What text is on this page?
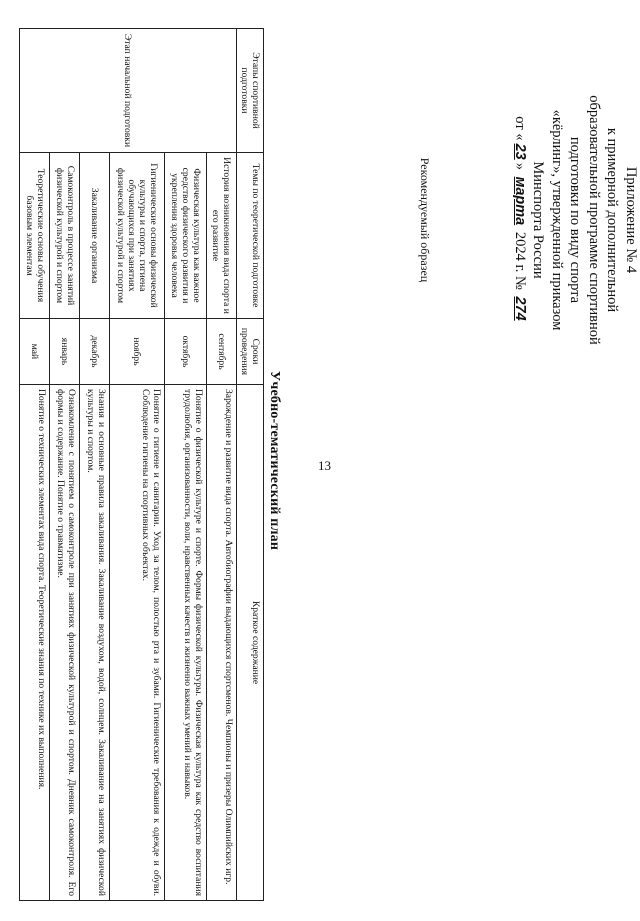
13
Приложение № 4
к примерной дополнительной
образовательной программе спортивной
подготовки по виду спорта
«кёрлинг», утвержденной приказом
Минспорта России
от «23» марта 2024 г. № 274
Рекомендуемый образец
Учебно-тематический план
Этапы спортивной подготовки	Темы по теоретической подготовке	Сроки проведения	Краткое содержание
Этап начальной подготовки	История возникновения вида спорта и его развитие	сентябрь	Зарождение и развитие вида спорта. Автобиографии выдающихся спортсменов. Чемпионы и призеры Олимпийских игр.
	Физическая культура как важное средство физического развития и укрепления здоровья человека	октябрь	Понятие о физической культуре и спорте. Формы физической культуры. Физическая культура как средство воспитания трудолюбия, организованности, воли, нравственных качеств и жизненно важных умений и навыков.
	Гигиенические основы физической культуры и спорта, гигиена обучающихся при занятиях физической культурой и спортом	ноябрь	Понятие о гигиене и санитарии. Уход за телом, полостью рта и зубами. Гигиенические требования к одежде и обуви. Соблюдение гигиены на спортивных объектах.
	Закаливание организма	декабрь	Знания и основные правила закаливания. Закаливание воздухом, водой, солнцем. Закаливание на занятиях физической культуры и спортом.
	Самоконтроль в процессе занятий физической культурой и спортом	январь	Ознакомление с понятием о самоконтроле при занятиях физической культурой и спортом. Дневник самоконтроля. Его формы и содержание. Понятие о травматизме.
	Теоретические основы обучения базовым элементам	май	Понятие о технических элементах вида спорта. Теоретические знания по технике их выполнения.
